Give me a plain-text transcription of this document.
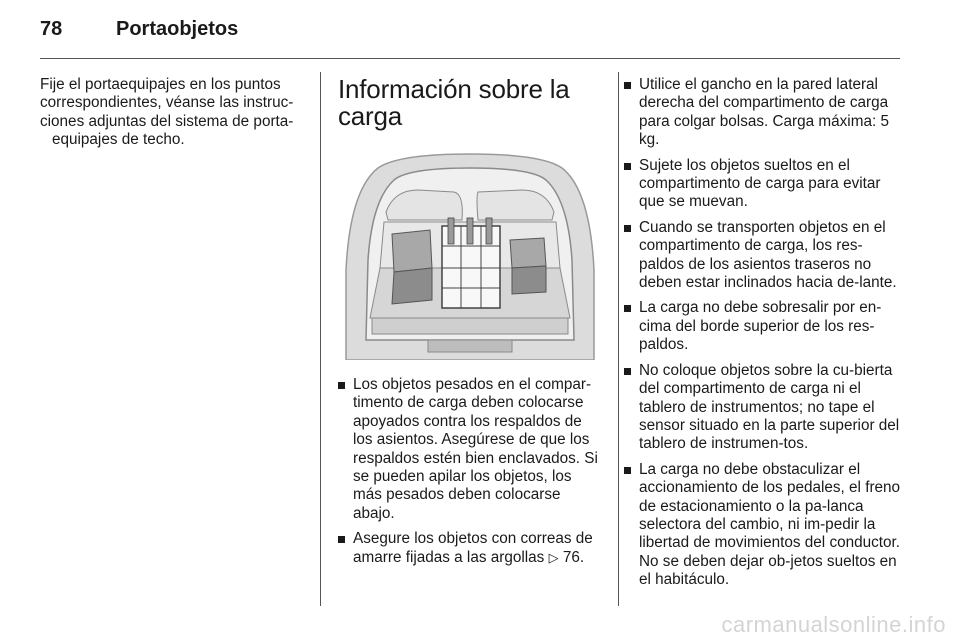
78	Portaobjetos

Fije el portaequipajes en los puntos correspondientes, véanse las instruc-ciones adjuntas del sistema de porta-
equipajes de techo.

Información sobre la carga
Los objetos pesados en el compar-timento de carga deben colocarse apoyados contra los respaldos de los asientos. Asegúrese de que los respaldos estén bien enclavados. Si se pueden apilar los objetos, los más pesados deben colocarse abajo.
Asegure los objetos con correas de amarre fijadas a las argollas ▷ 76.
Utilice el gancho en la pared lateral derecha del compartimento de carga para colgar bolsas. Carga máxima: 5 kg.
Sujete los objetos sueltos en el compartimento de carga para evitar que se muevan.
Cuando se transporten objetos en el compartimento de carga, los res-paldos de los asientos traseros no deben estar inclinados hacia de-lante.
La carga no debe sobresalir por en-cima del borde superior de los res-paldos.
No coloque objetos sobre la cu-bierta del compartimento de carga ni el tablero de instrumentos; no tape el sensor situado en la parte superior del tablero de instrumen-tos.
La carga no debe obstaculizar el accionamiento de los pedales, el freno de estacionamiento o la pa-lanca selectora del cambio, ni im-pedir la libertad de movimientos del conductor. No se deben dejar ob-jetos sueltos en el habitáculo.
carmanualsonline.info
